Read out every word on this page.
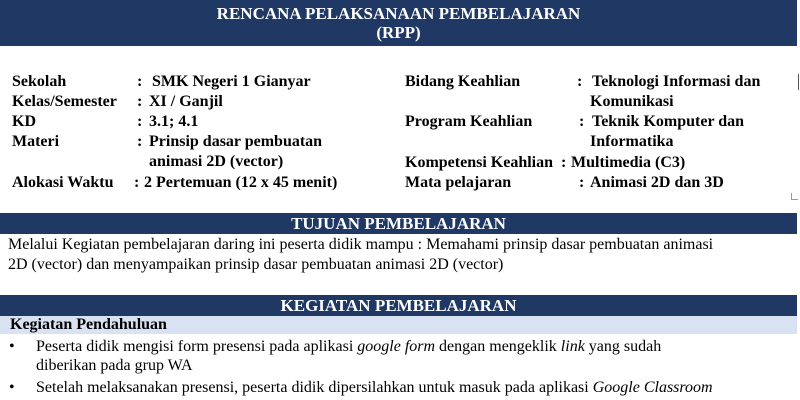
RENCANA PELAKSANAAN PEMBELAJARAN
(RPP)
Sekolah	: SMK Negeri 1 Gianyar
Kelas/Semester : XI / Ganjil
KD	: 3.1; 4.1
Materi	: Prinsip dasar pembuatan
animasi 2D (vector)
Alokasi Waktu : 2 Pertemuan (12 x 45 menit)
Bidang Keahlian	: Teknologi Informasi dan
Komunikasi
Program Keahlian	: Teknik Komputer dan
Informatika
Kompetensi Keahlian : Multimedia (C3)
Mata pelajaran	: Animasi 2D dan 3D
TUJUAN PEMBELAJARAN
Melalui Kegiatan pembelajaran daring ini peserta didik mampu : Memahami prinsip dasar pembuatan animasi
2D (vector) dan menyampaikan prinsip dasar pembuatan animasi 2D (vector)
KEGIATAN PEMBELAJARAN
Kegiatan Pendahuluan
• Peserta didik mengisi form presensi pada aplikasi google form dengan mengeklik link yang sudah
diberikan pada grup WA
• Setelah melaksanakan presensi, peserta didik dipersilahkan untuk masuk pada aplikasi Google Classroom
